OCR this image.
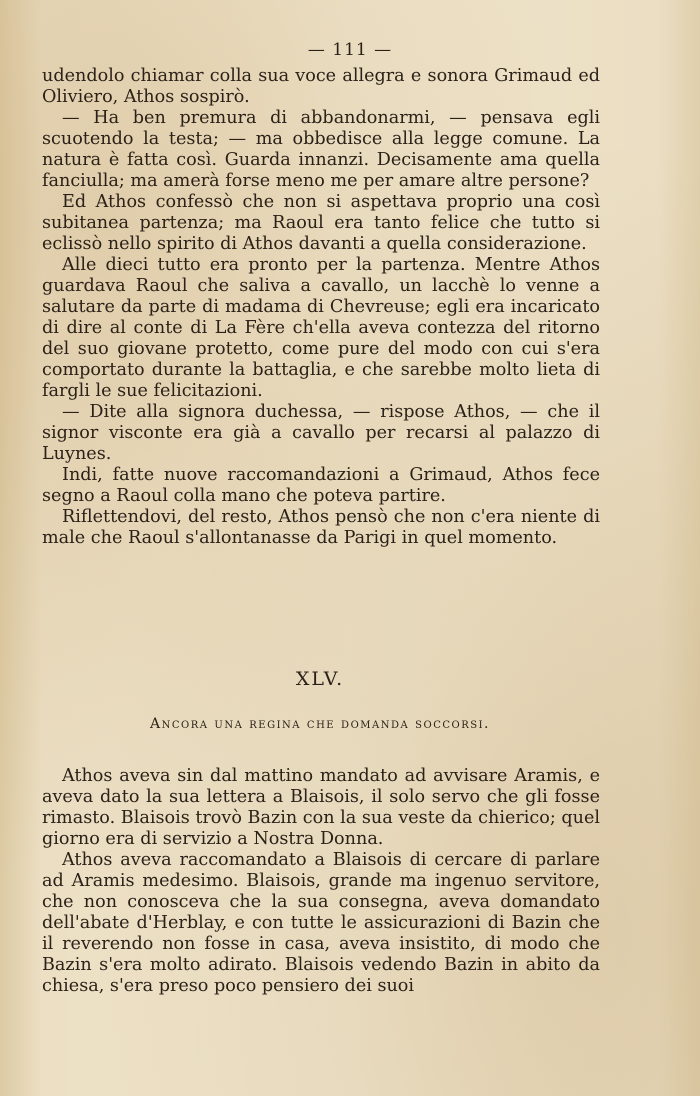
— 111 —

udendolo chiamar colla sua voce allegra e sonora Grimaud ed Oliviero, Athos sospirò.

— Ha ben premura di abbandonarmi, — pensava egli scuotendo la testa; — ma obbedisce alla legge comune. La natura è fatta così. Guarda innanzi. Decisamente ama quella fanciulla; ma amerà forse meno me per amare altre persone?

Ed Athos confessò che non si aspettava proprio una così subitanea partenza; ma Raoul era tanto felice che tutto si eclissò nello spirito di Athos davanti a quella considerazione.

Alle dieci tutto era pronto per la partenza. Mentre Athos guardava Raoul che saliva a cavallo, un lacchè lo venne a salutare da parte di madama di Chevreuse; egli era incaricato di dire al conte di La Fère ch'ella aveva contezza del ritorno del suo giovane protetto, come pure del modo con cui s'era comportato durante la battaglia, e che sarebbe molto lieta di fargli le sue felicitazioni.

— Dite alla signora duchessa, — rispose Athos, — che il signor visconte era già a cavallo per recarsi al palazzo di Luynes.

Indi, fatte nuove raccomandazioni a Grimaud, Athos fece segno a Raoul colla mano che poteva partire.

Riflettendovi, del resto, Athos pensò che non c'era niente di male che Raoul s'allontanasse da Parigi in quel momento.

XLV.
Ancora una regina che domanda soccorsi.

Athos aveva sin dal mattino mandato ad avvisare Aramis, e aveva dato la sua lettera a Blaisois, il solo servo che gli fosse rimasto. Blaisois trovò Bazin con la sua veste da chierico; quel giorno era di servizio a Nostra Donna.

Athos aveva raccomandato a Blaisois di cercare di parlare ad Aramis medesimo. Blaisois, grande ma ingenuo servitore, che non conosceva che la sua consegna, aveva domandato dell'abate d'Herblay, e con tutte le assicurazioni di Bazin che il reverendo non fosse in casa, aveva insistito, di modo che Bazin s'era molto adirato. Blaisois vedendo Bazin in abito da chiesa, s'era preso poco pensiero dei suoi
